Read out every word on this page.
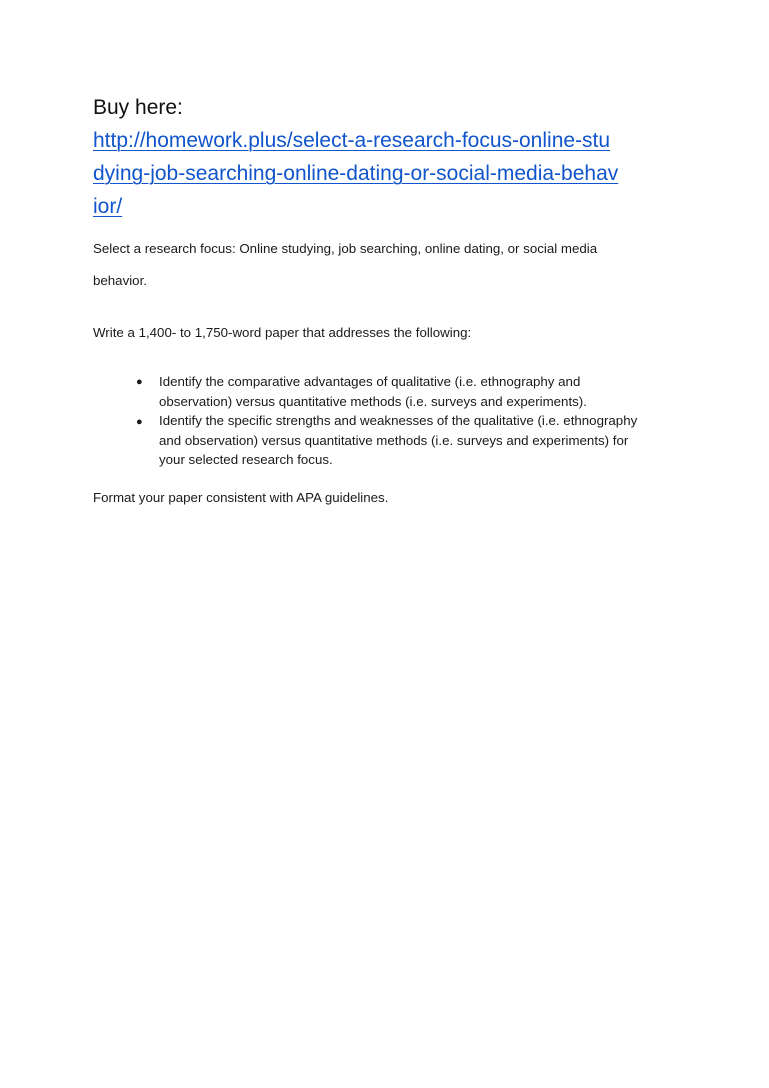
Buy here:
http://homework.plus/select-a-research-focus-online-stu
dying-job-searching-online-dating-or-social-media-behav
ior/
Select a research focus: Online studying, job searching, online dating, or social media
behavior.
Write a 1,400- to 1,750-word paper that addresses the following:
● Identify the comparative advantages of qualitative (i.e. ethnography and
observation) versus quantitative methods (i.e. surveys and experiments).
● Identify the specific strengths and weaknesses of the qualitative (i.e. ethnography
and observation) versus quantitative methods (i.e. surveys and experiments) for
your selected research focus.
Format your paper consistent with APA guidelines.
